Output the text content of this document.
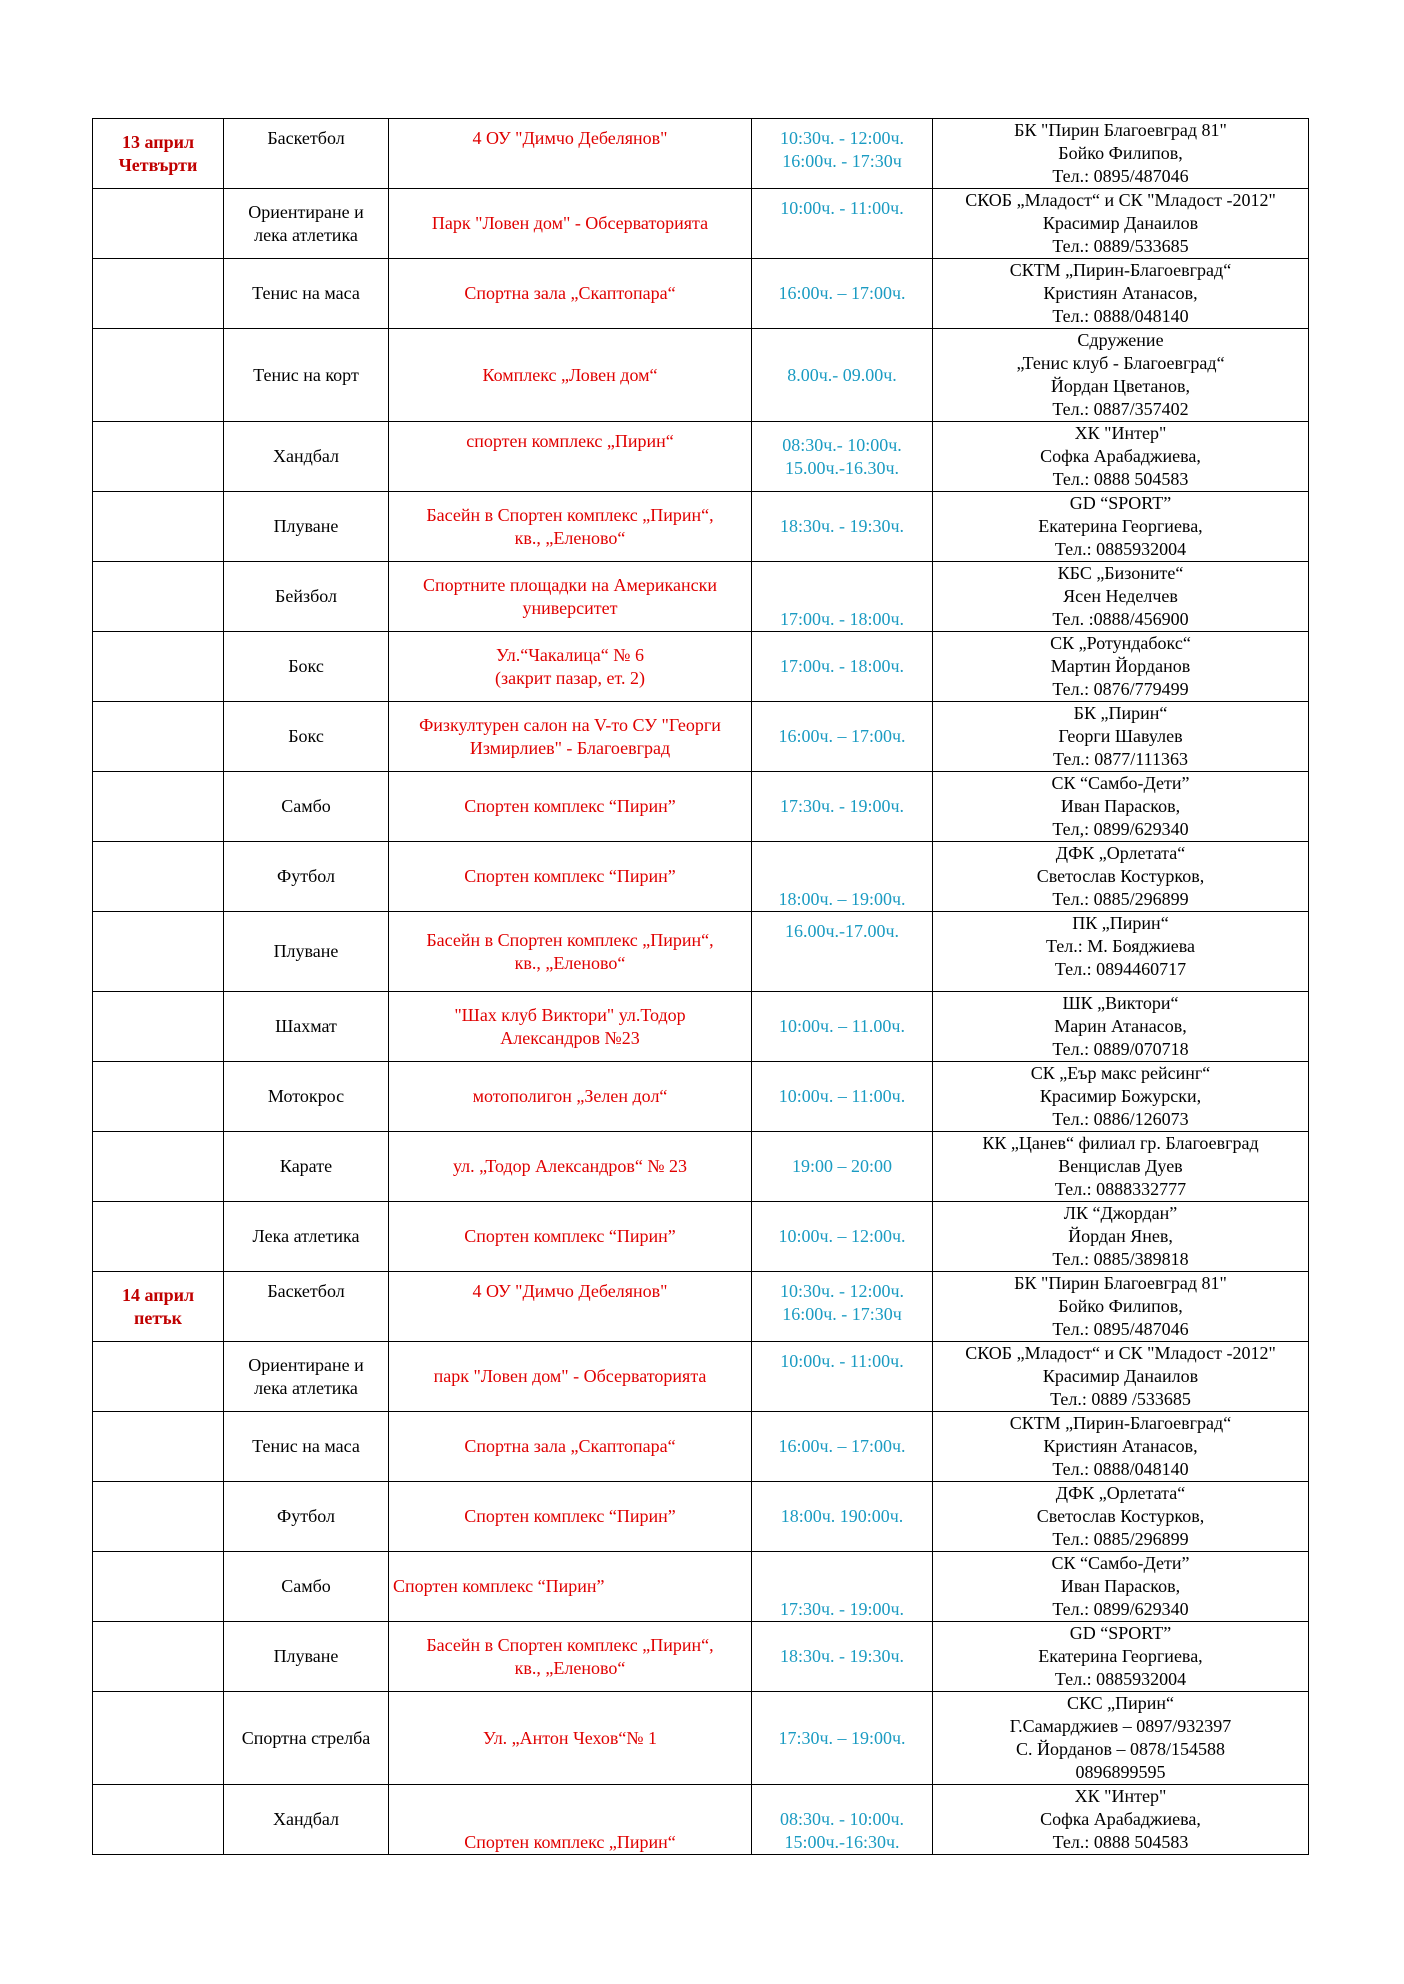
13 април
Четвърти	Баскетбол	4 ОУ "Димчо Дебелянов"	10:30ч. - 12:00ч.
16:00ч. - 17:30ч	БК "Пирин Благоевград 81"
Бойко Филипов,
Тел.: 0895/487046

	Ориентиране и
лека атлетика	Парк "Ловен дом" - Обсерваторията	10:00ч. - 11:00ч.	СКОБ „Младост“ и СК "Младост -2012"
Красимир Данаилов
Тел.: 0889/533685

	Тенис на маса	Спортна зала „Скаптопара“	16:00ч. – 17:00ч.	СКТМ „Пирин-Благоевград“
Кристиян Атанасов,
Тел.: 0888/048140

	Тенис на корт	Комплекс „Ловен дом“	8.00ч.- 09.00ч.	Сдружение
„Тенис клуб - Благоевград“
Йордан Цветанов,
Тел.: 0887/357402

	Хандбал	спортен комплекс „Пирин“	08:30ч.- 10:00ч.
15.00ч.-16.30ч.	ХК "Интер"
Софка Арабаджиева,
Тел.: 0888 504583

	Плуване	Басейн в Спортен комплекс „Пирин“,
кв., „Еленово“	18:30ч. - 19:30ч.	GD “SPORT”
Екатерина Георгиева,
Тел.: 0885932004

	Бейзбол	Спортните площадки на Американски
университет	17:00ч. - 18:00ч.	КБС „Бизоните“
Ясен Неделчев
Тел. :0888/456900

	Бокс	Ул.“Чакалица“ № 6
(закрит пазар, ет. 2)	17:00ч. - 18:00ч.	СК „Ротундабокс“
Мартин Йорданов
Тел.: 0876/779499

	Бокс	Физкултурен салон на V-то СУ "Георги
Измирлиев" - Благоевград	16:00ч. – 17:00ч.	БК „Пирин“
Георги Шавулев
Тел.: 0877/111363

	Самбо	Спортен комплекс “Пирин”	17:30ч. - 19:00ч.	СК “Самбо-Дети”
Иван Парасков,
Тел,: 0899/629340

	Футбол	Спортен комплекс “Пирин”	18:00ч. – 19:00ч.	ДФК „Орлетата“
Светослав Костурков,
Тел.: 0885/296899

	Плуване	Басейн в Спортен комплекс „Пирин“,
кв., „Еленово“	16.00ч.-17.00ч.	ПК „Пирин“
Тел.: М. Бояджиева
Тел.: 0894460717

	Шахмат	"Шах клуб Виктори" ул.Тодор
Александров №23	10:00ч. – 11.00ч.	ШК „Виктори“
Марин Атанасов,
Тел.: 0889/070718

	Мотокрос	мотополигон „Зелен дол“	10:00ч. – 11:00ч.	СК „Еър макс рейсинг“
Красимир Божурски,
Тел.: 0886/126073

	Карате	ул. „Тодор Александров“ № 23	19:00 – 20:00	КК „Цанев“ филиал гр. Благоевград
Венцислав Дуев
Тел.: 0888332777

	Лека атлетика	Спортен комплекс “Пирин”	10:00ч. – 12:00ч.	ЛК “Джордан”
Йордан Янев,
Тел.: 0885/389818

14 април
петък	Баскетбол	4 ОУ "Димчо Дебелянов"	10:30ч. - 12:00ч.
16:00ч. - 17:30ч	БК "Пирин Благоевград 81"
Бойко Филипов,
Тел.: 0895/487046

	Ориентиране и
лека атлетика	парк "Ловен дом" - Обсерваторията	10:00ч. - 11:00ч.	СКОБ „Младост“ и СК "Младост -2012"
Красимир Данаилов
Тел.: 0889 /533685

	Тенис на маса	Спортна зала „Скаптопара“	16:00ч. – 17:00ч.	СКТМ „Пирин-Благоевград“
Кристиян Атанасов,
Тел.: 0888/048140

	Футбол	Спортен комплекс “Пирин”	18:00ч. 190:00ч.	ДФК „Орлетата“
Светослав Костурков,
Тел.: 0885/296899

	Самбо	Спортен комплекс “Пирин”	17:30ч. - 19:00ч.	СК “Самбо-Дети”
Иван Парасков,
Тел.: 0899/629340

	Плуване	Басейн в Спортен комплекс „Пирин“,
кв., „Еленово“	18:30ч. - 19:30ч.	GD “SPORT”
Екатерина Георгиева,
Тел.: 0885932004

	Спортна стрелба	Ул. „Антон Чехов“№ 1	17:30ч. – 19:00ч.	СКС „Пирин“
Г.Самарджиев – 0897/932397
С. Йорданов – 0878/154588
0896899595

	Хандбал	Спортен комплекс „Пирин“	08:30ч. - 10:00ч.
15:00ч.-16:30ч.	ХК "Интер"
Софка Арабаджиева,
Тел.: 0888 504583
